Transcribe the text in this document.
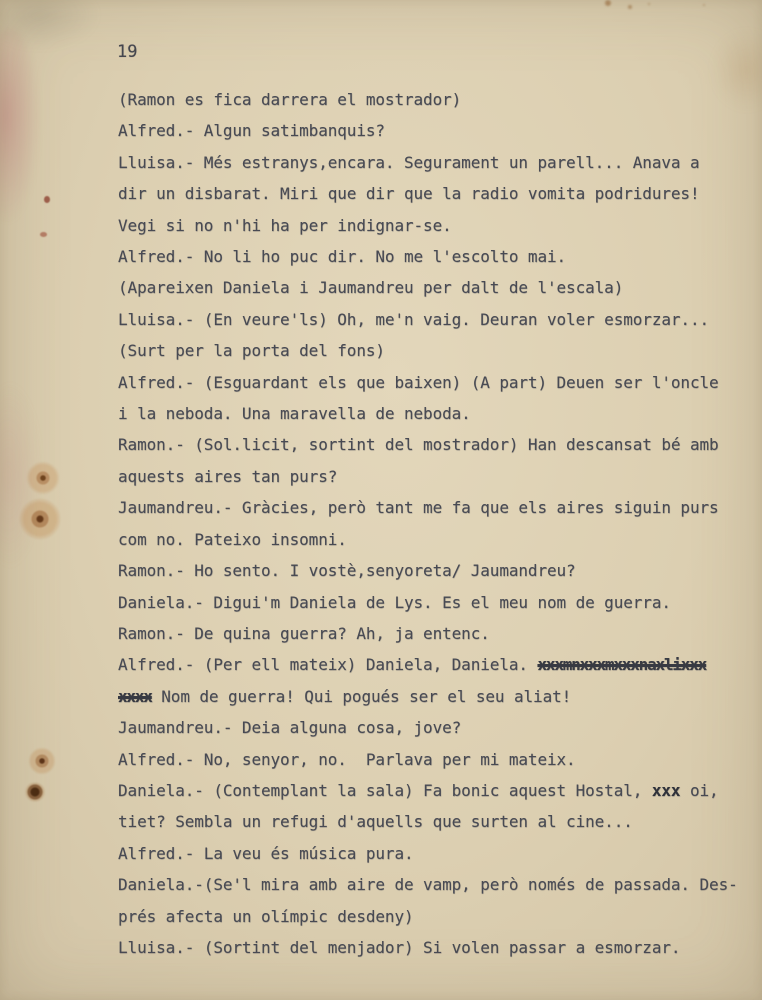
19

(Ramon es fica darrera el mostrador)

Alfred.- Algun satimbanquis?

Lluisa.- Més estranys,encara. Segurament un parell... Anava a

dir un disbarat. Miri que dir que la radio vomita podridures!

Vegi si no n'hi ha per indignar-se.

Alfred.- No li ho puc dir. No me l'escolto mai.

(Apareixen Daniela i Jaumandreu per dalt de l'escala)

Lluisa.- (En veure'ls) Oh, me'n vaig. Deuran voler esmorzar...

(Surt per la porta del fons)

Alfred.- (Esguardant els que baixen) (A part) Deuen ser l'oncle

i la neboda. Una maravella de neboda.

Ramon.- (Sol.licit, sortint del mostrador) Han descansat bé amb

aquests aires tan purs?

Jaumandreu.- Gràcies, però tant me fa que els aires siguin purs

com no. Pateixo insomni.

Ramon.- Ho sento. I vostè,senyoreta/ Jaumandreu?

Daniela.- Digui'm Daniela de Lys. Es el meu nom de guerra.

Ramon.- De quina guerra? Ah, ja entenc.

Alfred.- (Per ell mateix) Daniela, Daniela. xxxmnxxxmxxxnaxlixxx

xxxx Nom de guerra! Qui pogués ser el seu aliat!

Jaumandreu.- Deia alguna cosa, jove?

Alfred.- No, senyor, no.  Parlava per mi mateix.

Daniela.- (Contemplant la sala) Fa bonic aquest Hostal, xxx oi,

tiet? Sembla un refugi d'aquells que surten al cine...

Alfred.- La veu és música pura.

Daniela.-(Se'l mira amb aire de vamp, però només de passada. Des-

prés afecta un olímpic desdeny)

Lluisa.- (Sortint del menjador) Si volen passar a esmorzar.
